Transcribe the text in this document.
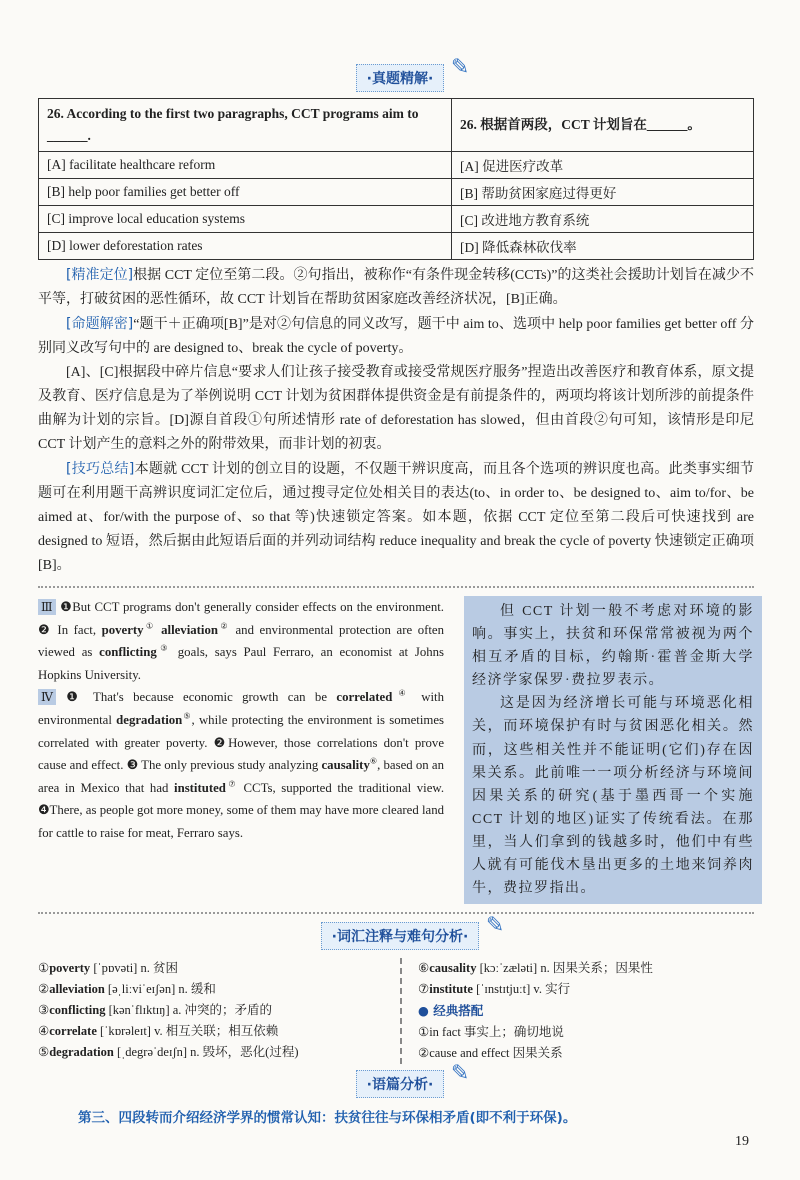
·真题精解· ✎
26. According to the first two paragraphs, CCT programs aim to ______.	26. 根据首两段，CCT 计划旨在______。
[A] facilitate healthcare reform	[A] 促进医疗改革
[B] help poor families get better off	[B] 帮助贫困家庭过得更好
[C] improve local education systems	[C] 改进地方教育系统
[D] lower deforestation rates	[D] 降低森林砍伐率

[精准定位]根据 CCT 定位至第二段。②句指出，被称作“有条件现金转移(CCTs)”的这类社会援助计划旨在减少不平等，打破贫困的恶性循环，故 CCT 计划旨在帮助贫困家庭改善经济状况，[B]正确。

[命题解密]“题干＋正确项[B]”是对②句信息的同义改写，题干中 aim to、选项中 help poor families get better off 分别同义改写句中的 are designed to、break the cycle of poverty。

[A]、[C]根据段中碎片信息“要求人们让孩子接受教育或接受常规医疗服务”捏造出改善医疗和教育体系，原文提及教育、医疗信息是为了举例说明 CCT 计划为贫困群体提供资金是有前提条件的，两项均将该计划所涉的前提条件曲解为计划的宗旨。[D]源自首段①句所述情形 rate of deforestation has slowed，但由首段②句可知，该情形是印尼 CCT 计划产生的意料之外的附带效果，而非计划的初衷。

[技巧总结]本题就 CCT 计划的创立目的设题，不仅题干辨识度高，而且各个选项的辨识度也高。此类事实细节题可在利用题干高辨识度词汇定位后，通过搜寻定位处相关目的表达(to、in order to、be designed to、aim to/for、be aimed at、for/with the purpose of、so that 等)快速锁定答案。如本题，依据 CCT 定位至第二段后可快速找到 are designed to 短语，然后据由此短语后面的并列动词结构 reduce inequality and break the cycle of poverty 快速锁定正确项[B]。

Ⅲ ❶But CCT programs don't generally consider effects on the environment. ❷ In fact, poverty① alleviation② and environmental protection are often viewed as conflicting③ goals, says Paul Ferraro, an economist at Johns Hopkins University.

Ⅳ ❶ That's because economic growth can be correlated④ with environmental degradation⑤, while protecting the environment is sometimes correlated with greater poverty. ❷However, those correlations don't prove cause and effect. ❸ The only previous study analyzing causality⑥, based on an area in Mexico that had instituted⑦ CCTs, supported the traditional view. ❹There, as people got more money, some of them may have more cleared land for cattle to raise for meat, Ferraro says.

但 CCT 计划一般不考虑对环境的影响。事实上，扶贫和环保常常被视为两个相互矛盾的目标，约翰斯·霍普金斯大学经济学家保罗·费拉罗表示。

这是因为经济增长可能与环境恶化相关，而环境保护有时与贫困恶化相关。然而，这些相关性并不能证明(它们)存在因果关系。此前唯一一项分析经济与环境间因果关系的研究(基于墨西哥一个实施 CCT 计划的地区)证实了传统看法。在那里，当人们拿到的钱越多时，他们中有些人就有可能伐木垦出更多的土地来饲养肉牛，费拉罗指出。

·词汇注释与难句分析· ✎
①poverty [ˈpɒvəti] n. 贫困
②alleviation [əˌliːviˈeɪʃən] n. 缓和
③conflicting [kənˈflɪktɪŋ] a. 冲突的；矛盾的
④correlate [ˈkɒrəleɪt] v. 相互关联；相互依赖
⑤degradation [ˌdegrəˈdeɪʃn] n. 毁坏，恶化(过程)
⑥causality [kɔːˈzæləti] n. 因果关系；因果性
⑦institute [ˈɪnstɪtjuːt] v. 实行
● 经典搭配
①in fact 事实上；确切地说
②cause and effect 因果关系
·语篇分析· ✎
第三、四段转而介绍经济学界的惯常认知：扶贫往往与环保相矛盾(即不利于环保)。
19
